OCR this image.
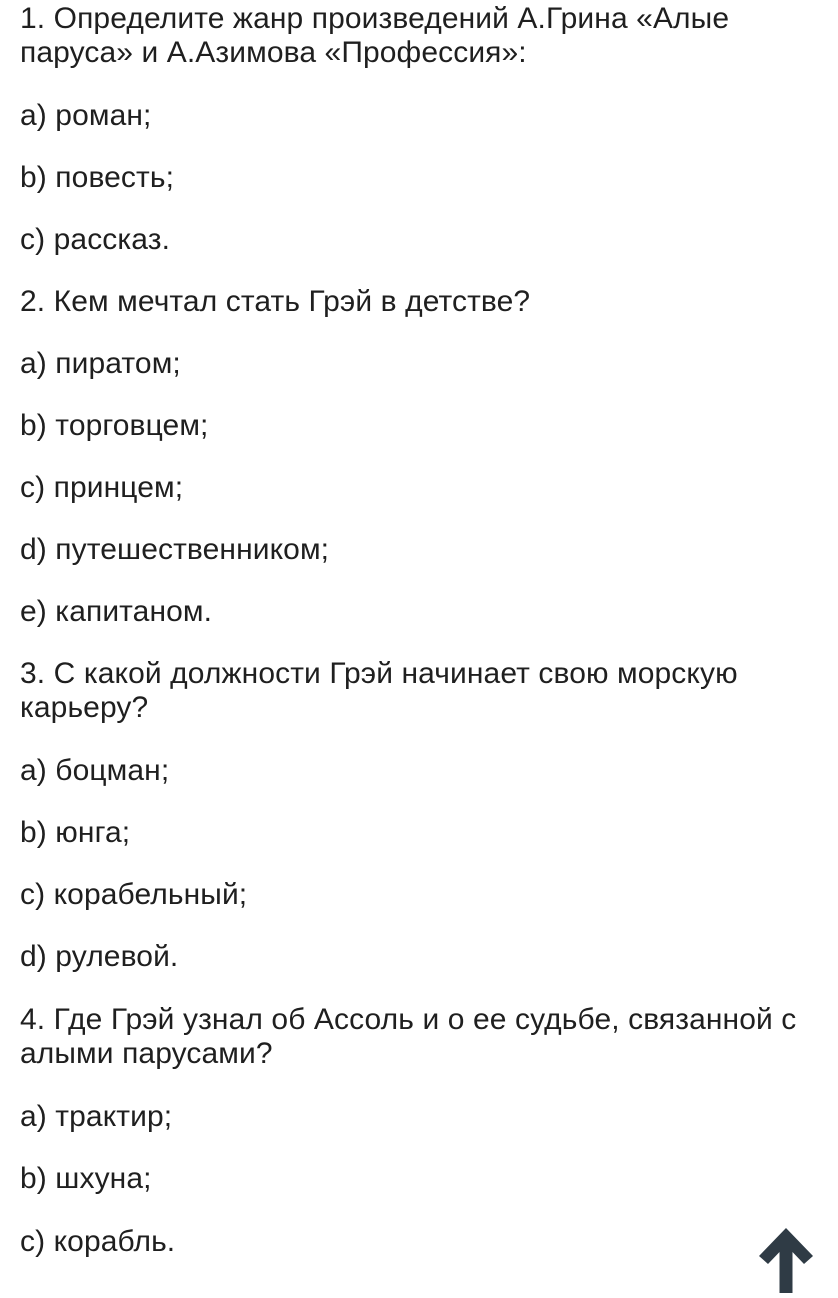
1. Определите жанр произведений А.Грина «Алые паруса» и А.Азимова «Профессия»:

a) роман;

b) повесть;

c) рассказ.

2. Кем мечтал стать Грэй в детстве?

a) пиратом;

b) торговцем;

c) принцем;

d) путешественником;

e) капитаном.

3. С какой должности Грэй начинает свою морскую карьеру?

a) боцман;

b) юнга;

c) корабельный;

d) рулевой.

4. Где Грэй узнал об Ассоль и о ее судьбе, связанной с алыми парусами?

a) трактир;

b) шхуна;

c) корабль.
